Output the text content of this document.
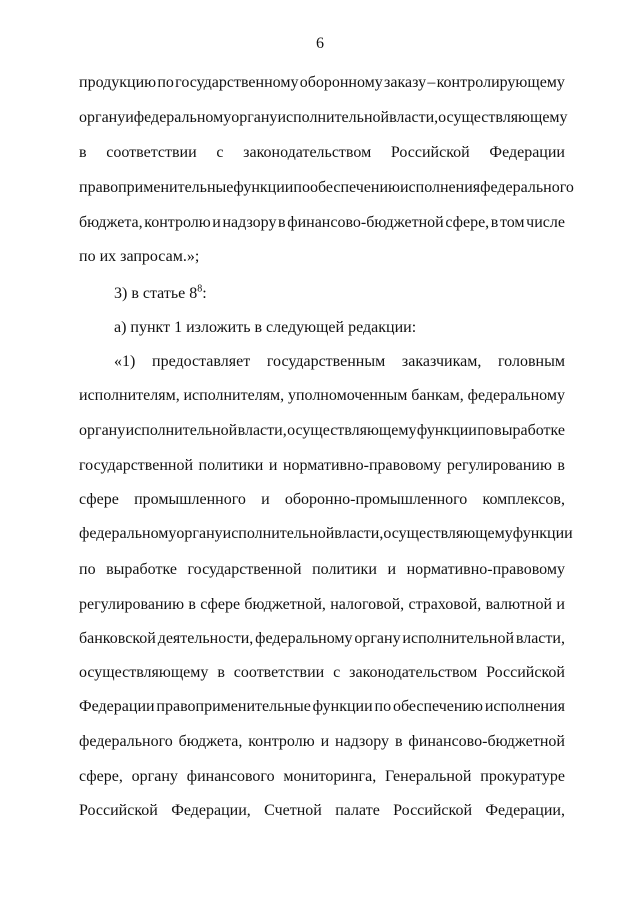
6
продукцию по государственному оборонному заказу – контролирующему
органу и федеральному органу исполнительной власти, осуществляющему
в соответствии с законодательством Российской Федерации
правоприменительные функции по обеспечению исполнения федерального
бюджета, контролю и надзору в финансово-бюджетной сфере, в том числе
по их запросам.»;
3) в статье $8^8$:
а) пункт 1 изложить в следующей редакции:
«1) предоставляет государственным заказчикам, головным
исполнителям, исполнителям, уполномоченным банкам, федеральному
органу исполнительной власти, осуществляющему функции по выработке
государственной политики и нормативно-правовому регулированию в
сфере промышленного и оборонно-промышленного комплексов,
федеральному органу исполнительной власти, осуществляющему функции
по выработке государственной политики и нормативно-правовому
регулированию в сфере бюджетной, налоговой, страховой, валютной и
банковской деятельности, федеральному органу исполнительной власти,
осуществляющему в соответствии с законодательством Российской
Федерации правоприменительные функции по обеспечению исполнения
федерального бюджета, контролю и надзору в финансово-бюджетной
сфере, органу финансового мониторинга, Генеральной прокуратуре
Российской Федерации, Счетной палате Российской Федерации,
